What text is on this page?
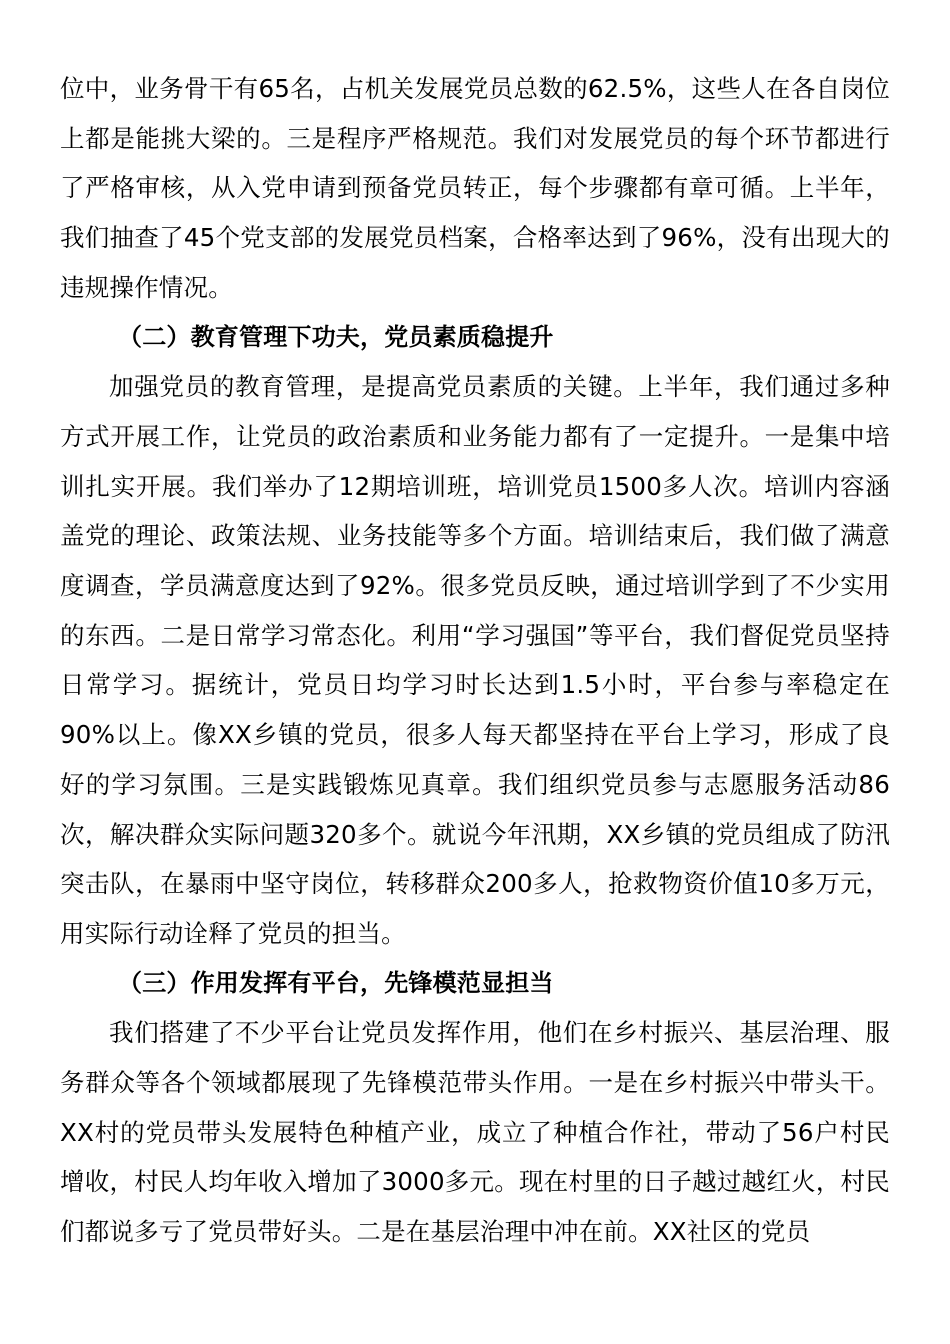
位中，业务骨干有65名，占机关发展党员总数的62.5%，这些人在各自岗位上都是能挑大梁的。三是程序严格规范。我们对发展党员的每个环节都进行了严格审核，从入党申请到预备党员转正，每个步骤都有章可循。上半年，我们抽查了45个党支部的发展党员档案，合格率达到了96%，没有出现大的违规操作情况。

（二）教育管理下功夫，党员素质稳提升

加强党员的教育管理，是提高党员素质的关键。上半年，我们通过多种方式开展工作，让党员的政治素质和业务能力都有了一定提升。一是集中培训扎实开展。我们举办了12期培训班，培训党员1500多人次。培训内容涵盖党的理论、政策法规、业务技能等多个方面。培训结束后，我们做了满意度调查，学员满意度达到了92%。很多党员反映，通过培训学到了不少实用的东西。二是日常学习常态化。利用“学习强国”等平台，我们督促党员坚持日常学习。据统计，党员日均学习时长达到1.5小时，平台参与率稳定在90%以上。像XX乡镇的党员，很多人每天都坚持在平台上学习，形成了良好的学习氛围。三是实践锻炼见真章。我们组织党员参与志愿服务活动86次，解决群众实际问题320多个。就说今年汛期，XX乡镇的党员组成了防汛突击队，在暴雨中坚守岗位，转移群众200多人，抢救物资价值10多万元，用实际行动诠释了党员的担当。

（三）作用发挥有平台，先锋模范显担当

我们搭建了不少平台让党员发挥作用，他们在乡村振兴、基层治理、服务群众等各个领域都展现了先锋模范带头作用。一是在乡村振兴中带头干。XX村的党员带头发展特色种植产业，成立了种植合作社，带动了56户村民增收，村民人均年收入增加了3000多元。现在村里的日子越过越红火，村民们都说多亏了党员带好头。二是在基层治理中冲在前。XX社区的党员
